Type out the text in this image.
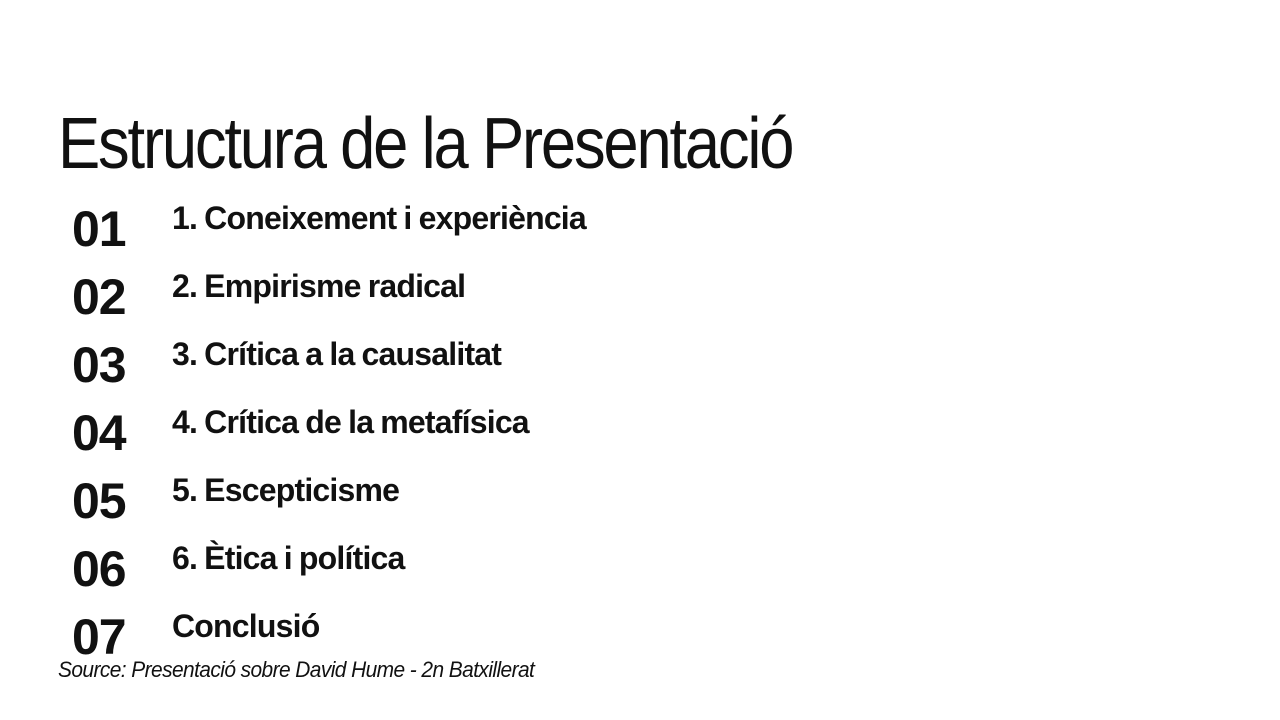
Estructura de la Presentació
01	1. Coneixement i experiència
02	2. Empirisme radical
03	3. Crítica a la causalitat
04	4. Crítica de la metafísica
05	5. Escepticisme
06	6. Ètica i política
07	Conclusió
Source: Presentació sobre David Hume - 2n Batxillerat
